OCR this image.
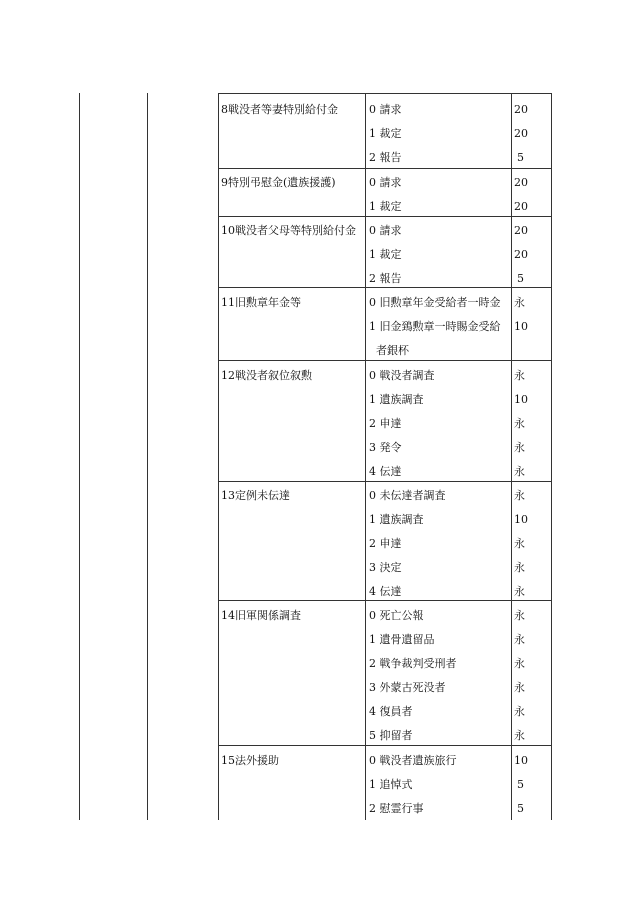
8戦没者等妻特別給付金	0 請求	20
1 裁定	20
2 報告	5
9特別弔慰金(遺族援護)	0 請求	20
1 裁定	20
10戦没者父母等特別給付金 0 請求	20
1 裁定	20
2 報告	5
11旧勲章年金等	0 旧勲章年金受給者一時金 永
1 旧金鵄勲章一時賜金受給 10
者銀杯
12戦没者叙位叙勲	0 戦没者調査	永
1 遺族調査	10
2 申達	永
3 発令	永
4 伝達	永
13定例未伝達	0 未伝達者調査	永
1 遺族調査	10
2 申達	永
3 決定	永
4 伝達	永
14旧軍関係調査	0 死亡公報	永
1 遺骨遺留品	永
2 戦争裁判受刑者	永
3 外蒙古死没者	永
4 復員者	永
5 抑留者	永
15法外援助	0 戦没者遺族旅行	10
1 追悼式	5
2 慰霊行事	5
